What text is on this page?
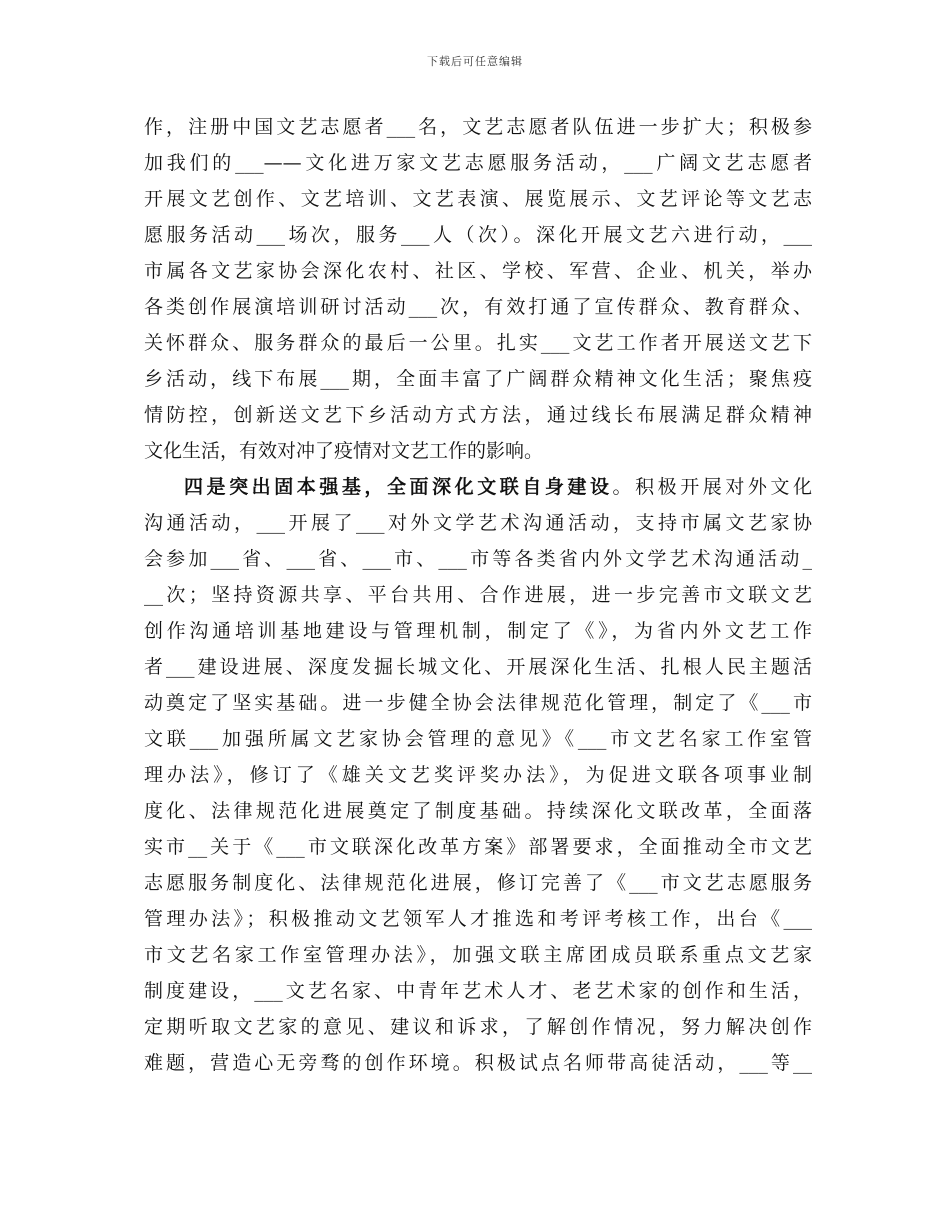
下载后可任意编辑
作，注册中国文艺志愿者___名，文艺志愿者队伍进一步扩大；积极参
加我们的___——文化进万家文艺志愿服务活动，___广阔文艺志愿者
开展文艺创作、文艺培训、文艺表演、展览展示、文艺评论等文艺志
愿服务活动___场次，服务___人（次）。深化开展文艺六进行动，___
市属各文艺家协会深化农村、社区、学校、军营、企业、机关，举办
各类创作展演培训研讨活动___次，有效打通了宣传群众、教育群众、
关怀群众、服务群众的最后一公里。扎实___文艺工作者开展送文艺下
乡活动，线下布展___期，全面丰富了广阔群众精神文化生活；聚焦疫
情防控，创新送文艺下乡活动方式方法，通过线长布展满足群众精神
文化生活，有效对冲了疫情对文艺工作的影响。
四是突出固本强基，全面深化文联自身建设。积极开展对外文化
沟通活动，___开展了___对外文学艺术沟通活动，支持市属文艺家协
会参加___省、___省、___市、___市等各类省内外文学艺术沟通活动_
__次；坚持资源共享、平台共用、合作进展，进一步完善市文联文艺
创作沟通培训基地建设与管理机制，制定了《》，为省内外文艺工作
者___建设进展、深度发掘长城文化、开展深化生活、扎根人民主题活
动奠定了坚实基础。进一步健全协会法律规范化管理，制定了《___市
文联___加强所属文艺家协会管理的意见》《___市文艺名家工作室管
理办法》，修订了《雄关文艺奖评奖办法》，为促进文联各项事业制
度化、法律规范化进展奠定了制度基础。持续深化文联改革，全面落
实市__关于《___市文联深化改革方案》部署要求，全面推动全市文艺
志愿服务制度化、法律规范化进展，修订完善了《___市文艺志愿服务
管理办法》；积极推动文艺领军人才推选和考评考核工作，出台《___
市文艺名家工作室管理办法》，加强文联主席团成员联系重点文艺家
制度建设，___文艺名家、中青年艺术人才、老艺术家的创作和生活，
定期听取文艺家的意见、建议和诉求，了解创作情况，努力解决创作
难题，营造心无旁骛的创作环境。积极试点名师带高徒活动，___等__
